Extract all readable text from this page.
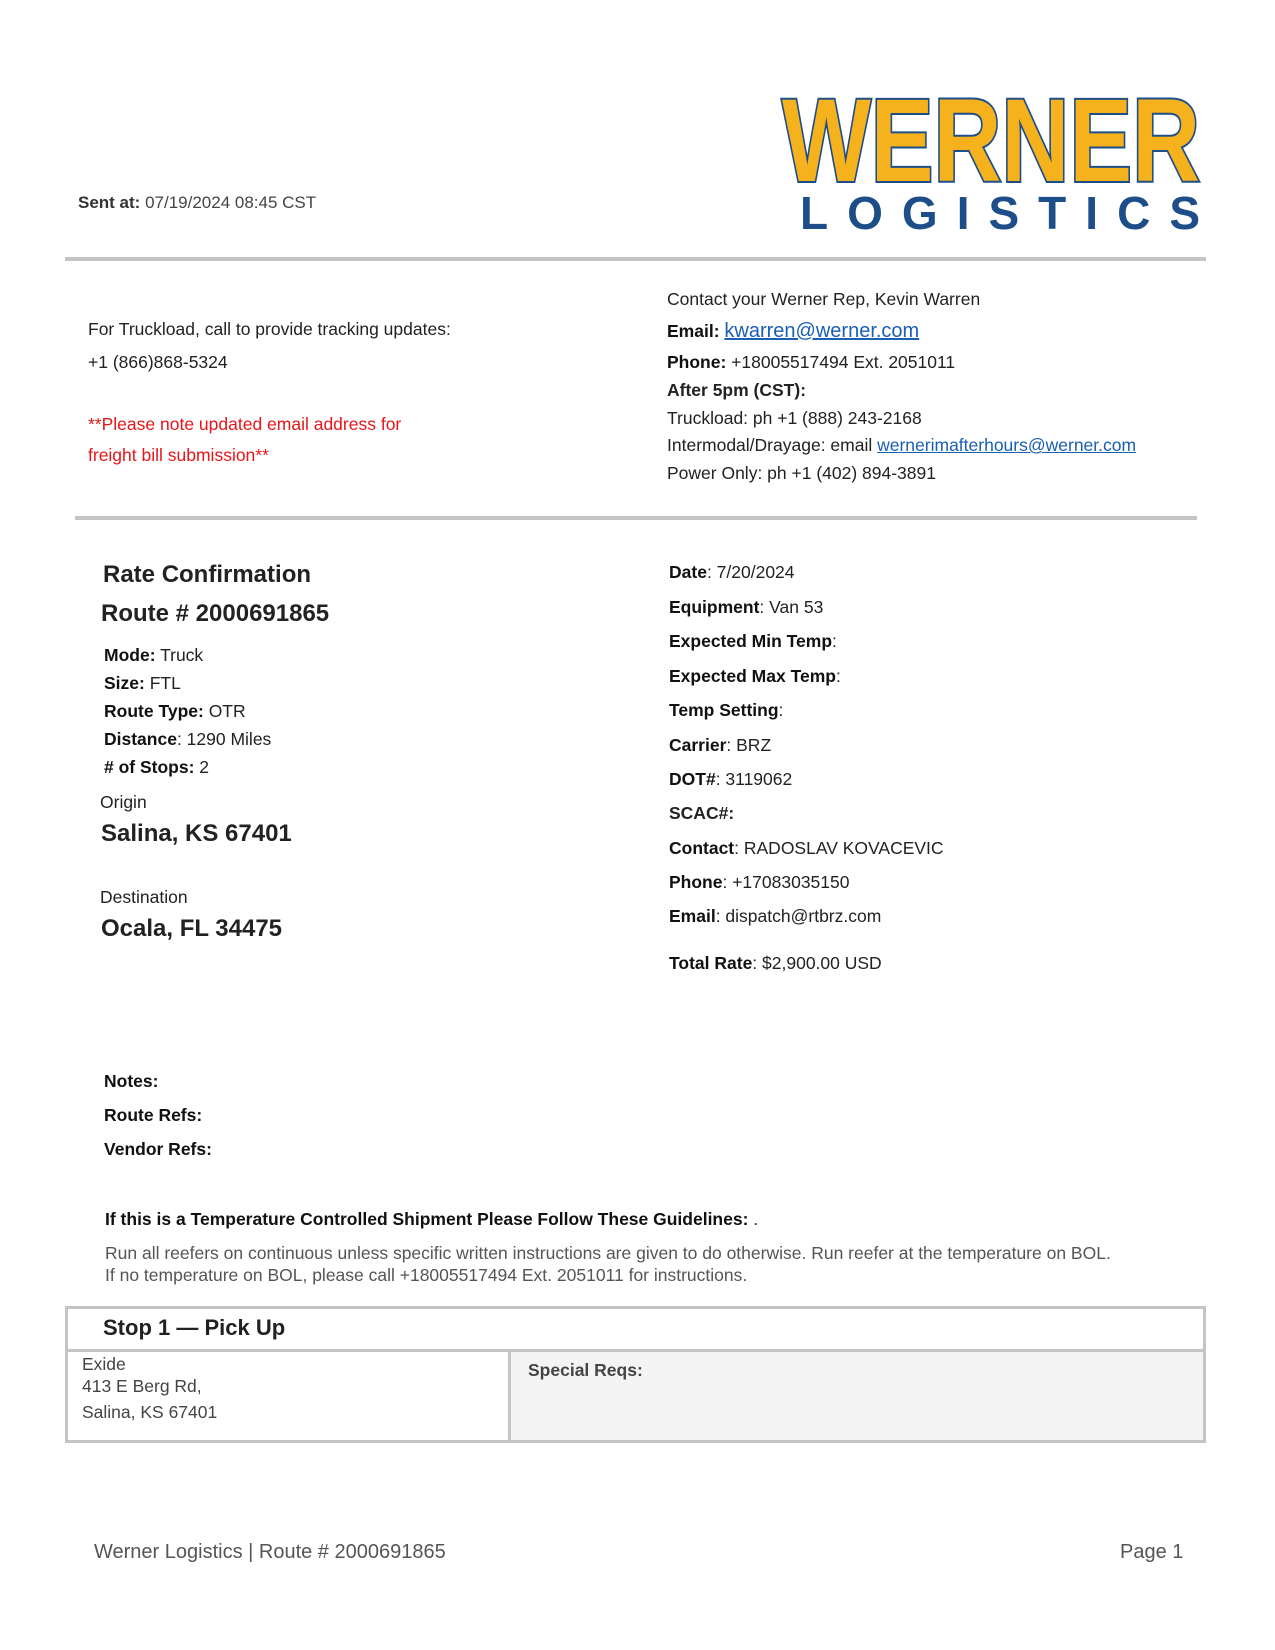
Sent at: 07/19/2024 08:45 CST	WERNER
LOGISTICS
For Truckload, call to provide tracking updates:
+1 (866)868-5324
**Please note updated email address for
freight bill submission**
Contact your Werner Rep, Kevin Warren
Email: kwarren@werner.com
Phone: +18005517494 Ext. 2051011
After 5pm (CST):
Truckload: ph +1 (888) 243-2168
Intermodal/Drayage: email wernerimafterhours@werner.com
Power Only: ph +1 (402) 894-3891
Rate Confirmation
Route # 2000691865
Mode: Truck
Size: FTL
Route Type: OTR
Distance: 1290 Miles
# of Stops: 2
Origin
Salina, KS 67401
Destination
Ocala, FL 34475
Date: 7/20/2024
Equipment: Van 53
Expected Min Temp:
Expected Max Temp:
Temp Setting:
Carrier: BRZ
DOT#: 3119062
SCAC#:
Contact: RADOSLAV KOVACEVIC
Phone: +17083035150
Email: dispatch@rtbrz.com
Total Rate: $2,900.00 USD
Notes:
Route Refs:
Vendor Refs:
If this is a Temperature Controlled Shipment Please Follow These Guidelines: .
Run all reefers on continuous unless specific written instructions are given to do otherwise. Run reefer at the temperature on BOL.
If no temperature on BOL, please call +18005517494 Ext. 2051011 for instructions.
Stop 1 — Pick Up
Exide
413 E Berg Rd,
Salina, KS 67401
Special Reqs:
Werner Logistics | Route # 2000691865	Page 1
